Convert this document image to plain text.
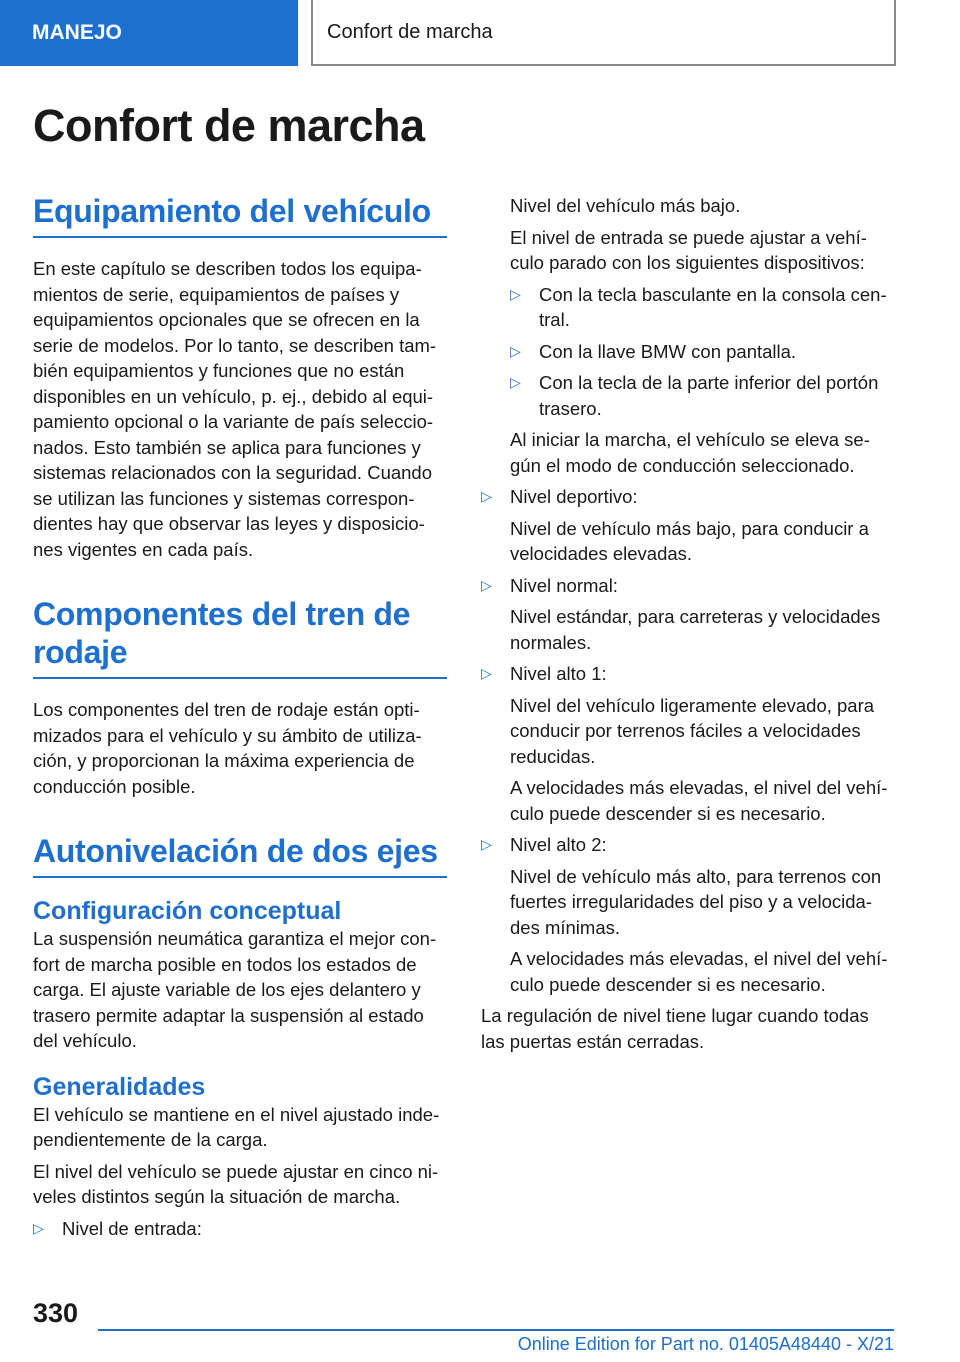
MANEJO	Confort de marcha
Confort de marcha
Equipamiento del vehículo

En este capítulo se describen todos los equipa-

mientos de serie, equipamientos de países y

equipamientos opcionales que se ofrecen en la

serie de modelos. Por lo tanto, se describen tam-

bién equipamientos y funciones que no están

disponibles en un vehículo, p. ej., debido al equi-

pamiento opcional o la variante de país seleccio-

nados. Esto también se aplica para funciones y

sistemas relacionados con la seguridad. Cuando

se utilizan las funciones y sistemas correspon-

dientes hay que observar las leyes y disposicio-

nes vigentes en cada país.

Componentes del tren de
rodaje

Los componentes del tren de rodaje están opti-

mizados para el vehículo y su ámbito de utiliza-

ción, y proporcionan la máxima experiencia de

conducción posible.

Autonivelación de dos ejes
Configuración conceptual

La suspensión neumática garantiza el mejor con-

fort de marcha posible en todos los estados de

carga. El ajuste variable de los ejes delantero y

trasero permite adaptar la suspensión al estado

del vehículo.

Generalidades

El vehículo se mantiene en el nivel ajustado inde-

pendientemente de la carga.

El nivel del vehículo se puede ajustar en cinco ni-

veles distintos según la situación de marcha.

▷ Nivel de entrada:

Nivel del vehículo más bajo.

El nivel de entrada se puede ajustar a vehí-

culo parado con los siguientes dispositivos:

▷ Con la tecla basculante en la consola cen-

tral.

▷ Con la llave BMW con pantalla.

▷ Con la tecla de la parte inferior del portón

trasero.

Al iniciar la marcha, el vehículo se eleva se-

gún el modo de conducción seleccionado.

▷ Nivel deportivo:

Nivel de vehículo más bajo, para conducir a

velocidades elevadas.

▷ Nivel normal:

Nivel estándar, para carreteras y velocidades

normales.

▷ Nivel alto 1:

Nivel del vehículo ligeramente elevado, para

conducir por terrenos fáciles a velocidades

reducidas.

A velocidades más elevadas, el nivel del vehí-

culo puede descender si es necesario.

▷ Nivel alto 2:

Nivel de vehículo más alto, para terrenos con

fuertes irregularidades del piso y a velocida-

des mínimas.

A velocidades más elevadas, el nivel del vehí-

culo puede descender si es necesario.

La regulación de nivel tiene lugar cuando todas

las puertas están cerradas.

330
Online Edition for Part no. 01405A48440 - X/21
